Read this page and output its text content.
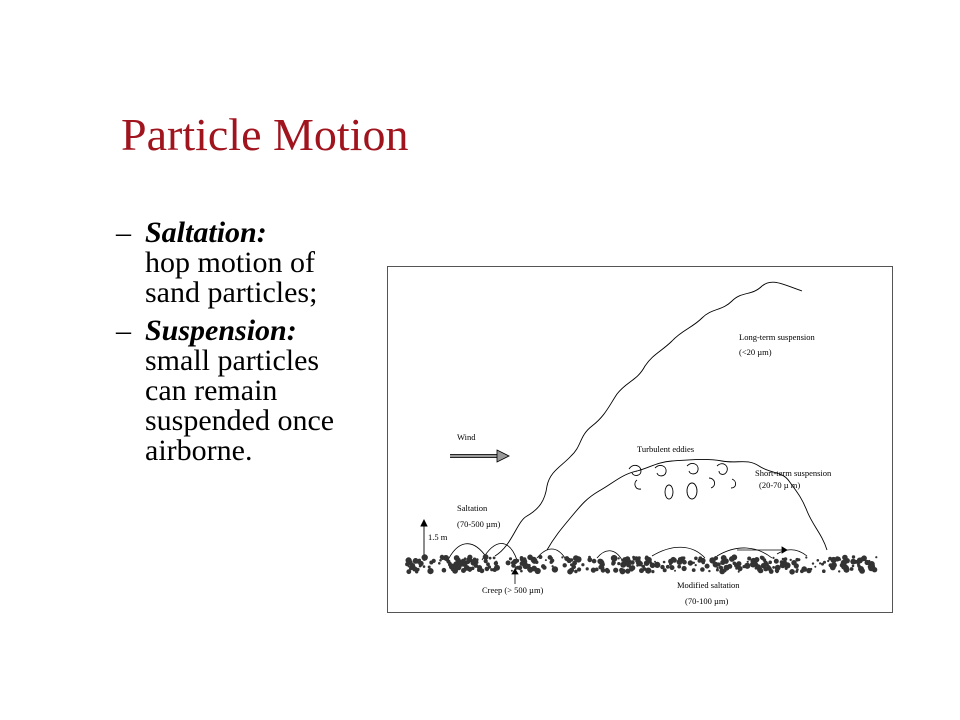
Particle Motion
– Saltation:
hop motion of sand particles;
– Suspension:
small particles can remain suspended once airborne.
Long-term suspension
(<20 µm)
Wind
Turbulent eddies
Short-term suspension
(20-70 µ m)
Saltation
(70-500 µm)
1.5 m
Creep (> 500 µm)	Modified saltation
(70-100 µm)
